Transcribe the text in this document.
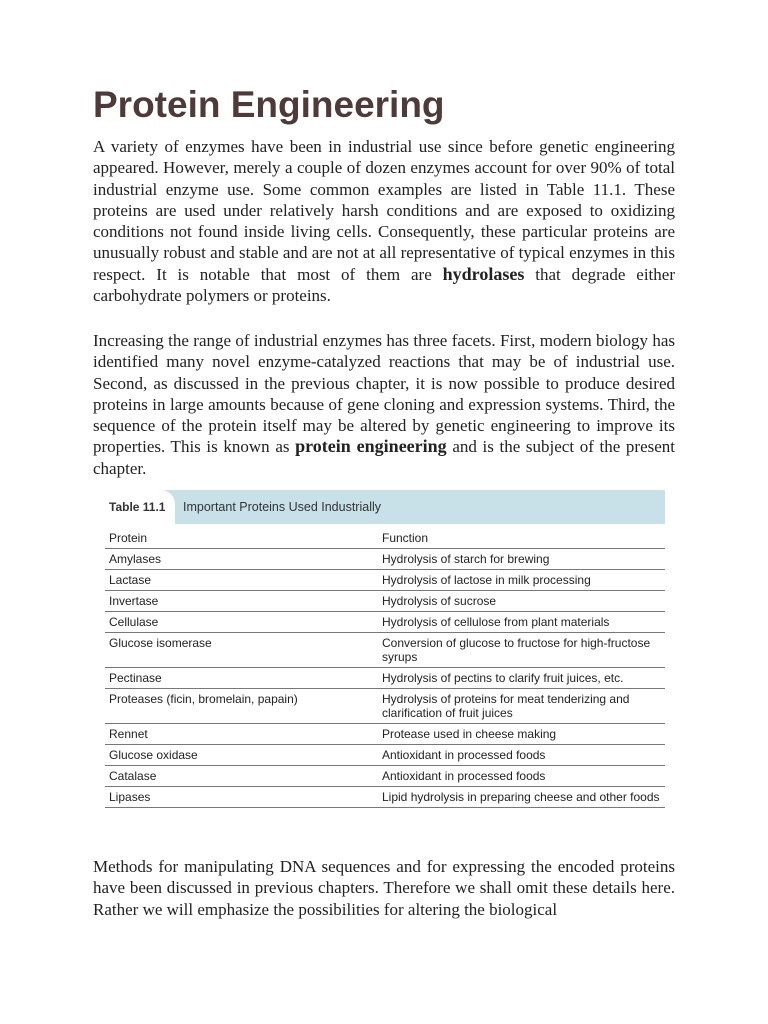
Protein Engineering

A variety of enzymes have been in industrial use since before genetic engineering appeared. However, merely a couple of dozen enzymes account for over 90% of total industrial enzyme use. Some common examples are listed in Table 11.1. These proteins are used under relatively harsh conditions and are exposed to oxidizing conditions not found inside living cells. Consequently, these particular proteins are unusually robust and stable and are not at all representative of typical enzymes in this respect. It is notable that most of them are hydrolases that degrade either carbohydrate polymers or proteins.

Increasing the range of industrial enzymes has three facets. First, modern biology has identified many novel enzyme-catalyzed reactions that may be of industrial use. Second, as discussed in the previous chapter, it is now possible to produce desired proteins in large amounts because of gene cloning and expression systems. Third, the sequence of the protein itself may be altered by genetic engineering to improve its properties. This is known as protein engineering and is the subject of the present chapter.

Table 11.1	Important Proteins Used Industrially
Protein	Function
Amylases	Hydrolysis of starch for brewing
Lactase	Hydrolysis of lactose in milk processing
Invertase	Hydrolysis of sucrose
Cellulase	Hydrolysis of cellulose from plant materials
Glucose isomerase	Conversion of glucose to fructose for high-fructose syrups
Pectinase	Hydrolysis of pectins to clarify fruit juices, etc.
Proteases (ficin, bromelain, papain)	Hydrolysis of proteins for meat tenderizing and clarification of fruit juices
Rennet	Protease used in cheese making
Glucose oxidase	Antioxidant in processed foods
Catalase	Antioxidant in processed foods
Lipases	Lipid hydrolysis in preparing cheese and other foods

Methods for manipulating DNA sequences and for expressing the encoded proteins have been discussed in previous chapters. Therefore we shall omit these details here. Rather we will emphasize the possibilities for altering the biological
